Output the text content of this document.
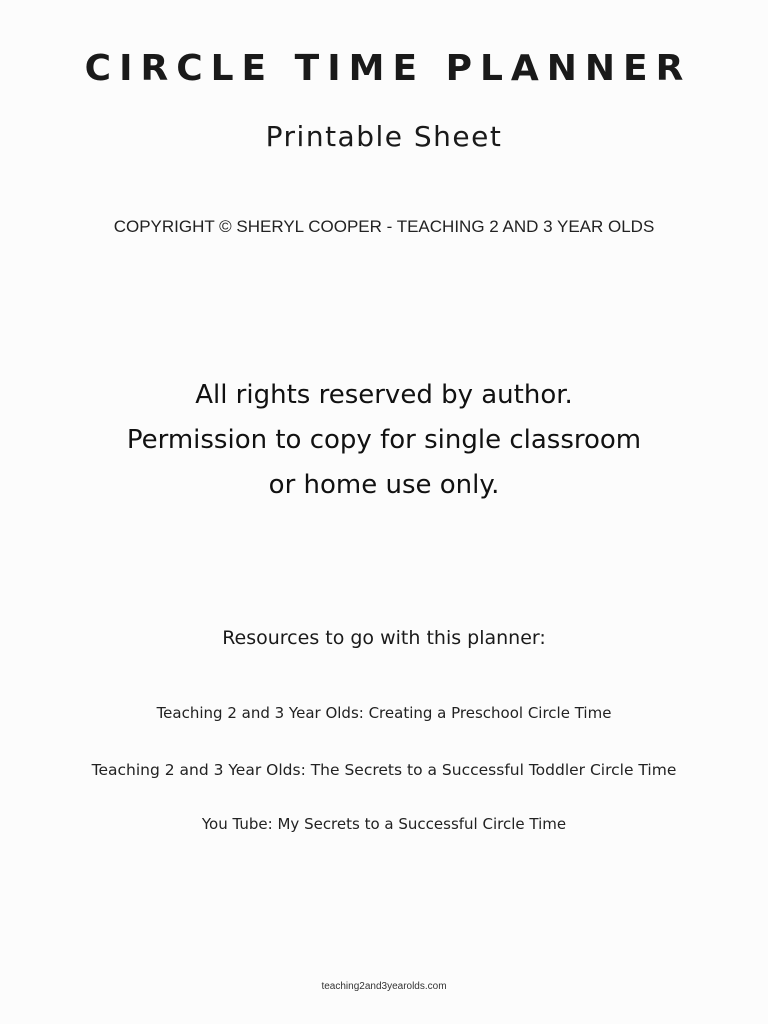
CIRCLE TIME PLANNER
Printable Sheet
COPYRIGHT © SHERYL COOPER - TEACHING 2 AND 3 YEAR OLDS
All rights reserved by author.
Permission to copy for single classroom
or home use only.
Resources to go with this planner:
Teaching 2 and 3 Year Olds: Creating a Preschool Circle Time
Teaching 2 and 3 Year Olds: The Secrets to a Successful Toddler Circle Time
You Tube: My Secrets to a Successful Circle Time
teaching2and3yearolds.com
